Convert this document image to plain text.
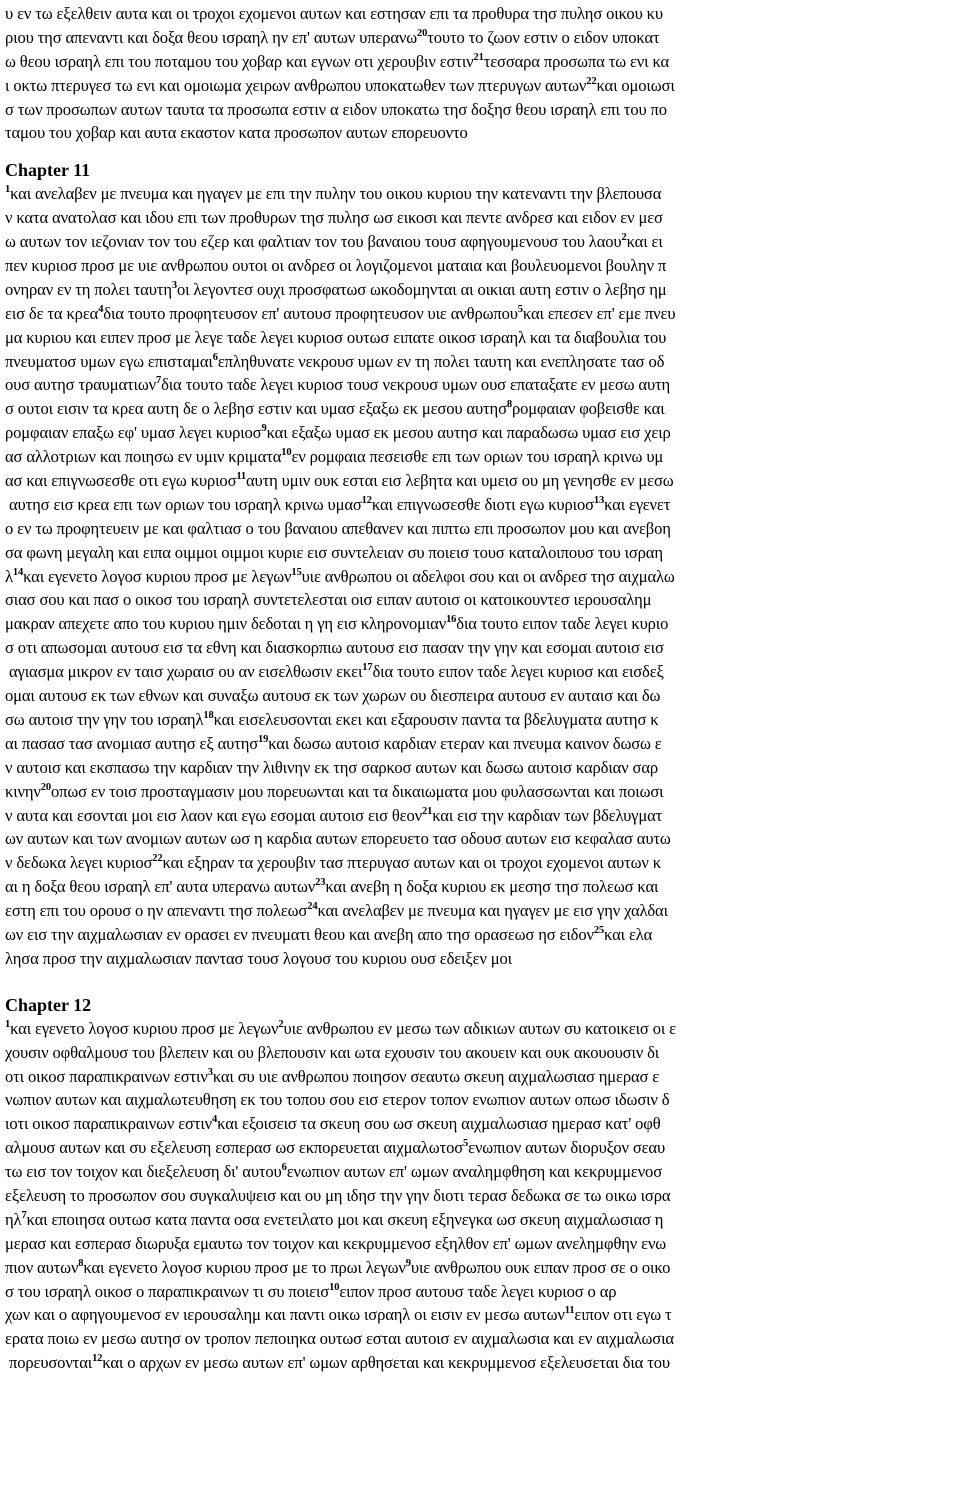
υ εν τω εξελθειν αυτα και οι τροχοι εχομενοι αυτων και εστησαν επι τα προθυρα τησ πυλησ οικου κυ
ριου τησ απεναντι και δοξα θεου ισραηλ ην επ' αυτων υπερανω$^{20}$τουτο το ζωον εστιν ο ειδον υποκατ
ω θεου ισραηλ επι του ποταμου του χοβαρ και εγνων οτι χερουβιν εστιν$^{21}$τεσσαρα προσωπα τω ενι κα
ι οκτω πτερυγεσ τω ενι και ομοιωμα χειρων ανθρωπου υποκατωθεν των πτερυγων αυτων$^{22}$και ομοιωσι
σ των προσωπων αυτων ταυτα τα προσωπα εστιν α ειδον υποκατω τησ δοξησ θεου ισραηλ επι του πο
ταμου του χοβαρ και αυτα εκαστον κατα προσωπον αυτων επορευοντο
Chapter 11
$^1$και ανελαβεν με πνευμα και ηγαγεν με επι την πυλην του οικου κυριου την κατεναντι την βλεπουσα
ν κατα ανατολασ και ιδου επι των προθυρων τησ πυλησ ωσ εικοσι και πεντε ανδρεσ και ειδον εν μεσ
ω αυτων τον ιεζονιαν τον του εζερ και φαλτιαν τον του βαναιου τουσ αφηγουμενουσ του λαου$^2$και ει
πεν κυριοσ προσ με υιε ανθρωπου ουτοι οι ανδρεσ οι λογιζομενοι ματαια και βουλευομενοι βουλην π
ονηραν εν τη πολει ταυτη$^3$οι λεγοντεσ ουχι προσφατωσ ωκοδομηνται αι οικιαι αυτη εστιν ο λεβησ ημ
εισ δε τα κρεα$^4$δια τουτο προφητευσον επ' αυτουσ προφητευσον υιε ανθρωπου$^5$και επεσεν επ' εμε πνευ
μα κυριου και ειπεν προσ με λεγε ταδε λεγει κυριοσ ουτωσ ειπατε οικοσ ισραηλ και τα διαβουλια του
πνευματοσ υμων εγω επισταμαι$^6$επληθυνατε νεκρουσ υμων εν τη πολει ταυτη και ενεπλησατε τασ οδ
ουσ αυτησ τραυματιων$^7$δια τουτο ταδε λεγει κυριοσ τουσ νεκρουσ υμων ουσ επαταξατε εν μεσω αυτη
σ ουτοι εισιν τα κρεα αυτη δε ο λεβησ εστιν και υμασ εξαξω εκ μεσου αυτησ$^8$ρομφαιαν φοβεισθε και
ρομφαιαν επαξω εφ' υμασ λεγει κυριοσ$^9$και εξαξω υμασ εκ μεσου αυτησ και παραδωσω υμασ εισ χειρ
ασ αλλοτριων και ποιησω εν υμιν κριματα$^{10}$εν ρομφαια πεσεισθε επι των οριων του ισραηλ κρινω υμ
ασ και επιγνωσεσθε οτι εγω κυριοσ$^{11}$αυτη υμιν ουκ εσται εισ λεβητα και υμεισ ου μη γενησθε εν μεσω
αυτησ εισ κρεα επι των οριων του ισραηλ κρινω υμασ$^{12}$και επιγνωσεσθε διοτι εγω κυριοσ$^{13}$και εγενετ
ο εν τω προφητευειν με και φαλτιασ ο του βαναιου απεθανεν και πιπτω επι προσωπον μου και ανεβοη
σα φωνη μεγαλη και ειπα οιμμοι οιμμοι κυριε εισ συντελειαν συ ποιεισ τουσ καταλοιπουσ του ισραη
$\lambda^{14}\kappa\alpha\iota$ εγενετο λογοσ κυριου προσ με λεγων$^{15}$υιε ανθρωπου οι αδελφοι σου και οι ανδρεσ τησ αιχμαλω
σιασ σου και πασ ο οικοσ του ισραηλ συντετελεσται οισ ειπαν αυτοισ οι κατοικουντεσ ιερουσαλημ
μακραν απεχετε απο του κυριου ημιν δεδοται η γη εισ κληρονομιαν$^{16}$δια τουτο ειπον ταδε λεγει κυριο
σ οτι απωσομαι αυτουσ εισ τα εθνη και διασκορπιω αυτουσ εισ πασαν την γην και εσομαι αυτοισ εισ
αγιασμα μικρον εν ταισ χωραισ ου αν εισελθωσιν εκει$^{17}$δια τουτο ειπον ταδε λεγει κυριοσ και εισδεξ
ομαι αυτουσ εκ των εθνων και συναξω αυτουσ εκ των χωρων ου διεσπειρα αυτουσ εν αυταισ και δω
σω αυτοισ την γην του ισραηλ$^{18}$και εισελευσονται εκει και εξαρουσιν παντα τα βδελυγματα αυτησ κ
αι πασασ τασ ανομιασ αυτησ εξ αυτησ$^{19}$και δωσω αυτοισ καρδιαν ετεραν και πνευμα καινον δωσω ε
ν αυτοισ και εκσπασω την καρδιαν την λιθινην εκ τησ σαρκοσ αυτων και δωσω αυτοισ καρδιαν σαρ
κινην$^{20}$οπωσ εν τοισ προσταγμασιν μου πορευωνται και τα δικαιωματα μου φυλασσωνται και ποιωσι
ν αυτα και εσονται μοι εισ λαον και εγω εσομαι αυτοισ εισ θεον$^{21}$και εισ την καρδιαν των βδελυγματ
ων αυτων και των ανομιων αυτων ωσ η καρδια αυτων επορευετο τασ οδουσ αυτων εισ κεφαλασ αυτω
ν δεδωκα λεγει κυριοσ$^{22}$και εξηραν τα χερουβιν τασ πτερυγασ αυτων και οι τροχοι εχομενοι αυτων κ
αι η δοξα θεου ισραηλ επ' αυτα υπερανω αυτων$^{23}$και ανεβη η δοξα κυριου εκ μεσησ τησ πολεωσ και
εστη επι του ορουσ ο ην απεναντι τησ πολεωσ$^{24}$και ανελαβεν με πνευμα και ηγαγεν με εισ γην χαλδαι
ων εισ την αιχμαλωσιαν εν ορασει εν πνευματι θεου και ανεβη απο τησ ορασεωσ ησ ειδον$^{25}$και ελα
λησα προσ την αιχμαλωσιαν παντασ τουσ λογουσ του κυριου ουσ εδειξεν μοι
Chapter 12
$^1$και εγενετο λογοσ κυριου προσ με λεγων$^2$υιε ανθρωπου εν μεσω των αδικιων αυτων συ κατοικεισ οι ε
χουσιν οφθαλμουσ του βλεπειν και ου βλεπουσιν και ωτα εχουσιν του ακουειν και ουκ ακουουσιν δι
οτι οικοσ παραπικραινων εστιν$^3$και συ υιε ανθρωπου ποιησον σεαυτω σκευη αιχμαλωσιασ ημερασ ε
νωπιον αυτων και αιχμαλωτευθηση εκ του τοπου σου εισ ετερον τοπον ενωπιον αυτων οπωσ ιδωσιν δ
ιοτι οικοσ παραπικραινων εστιν$^4$και εξοισεισ τα σκευη σου ωσ σκευη αιχμαλωσιασ ημερασ κατ' οφθ
αλμουσ αυτων και συ εξελευση εσπερασ ωσ εκπορευεται αιχμαλωτοσ$^5$ενωπιον αυτων διορυξον σεαυ
τω εισ τον τοιχον και διεξελευση δι' αυτου$^6$ενωπιον αυτων επ' ωμων αναλημφθηση και κεκρυμμενοσ
εξελευση το προσωπον σου συγκαλυψεισ και ου μη ιδησ την γην διοτι τερασ δεδωκα σε τω οικω ισρα
$\eta\lambda^7\kappa\alpha\iota$ εποιησα ουτωσ κατα παντα οσα ενετειλατο μοι και σκευη εξηνεγκα ωσ σκευη αιχμαλωσιασ η
μερασ και εσπερασ διωρυξα εμαυτω τον τοιχον και κεκρυμμενοσ εξηλθον επ' ωμων ανελημφθην ενω
πιον αυτων$^8$και εγενετο λογοσ κυριου προσ με το πρωι λεγων$^9$υιε ανθρωπου ουκ ειπαν προσ σε ο οικο
σ του ισραηλ οικοσ ο παραπικραινων τι συ ποιεισ$^{10}$ειπον προσ αυτουσ ταδε λεγει κυριοσ ο αρ
χων και ο αφηγουμενοσ εν ιερουσαλημ και παντι οικω ισραηλ οι εισιν εν μεσω αυτων$^{11}$ειπον οτι εγω τ
ερατα ποιω εν μεσω αυτησ ον τροπον πεποιηκα ουτωσ εσται αυτοισ εν αιχμαλωσια και εν αιχμαλωσια
πορευσονται$^{12}$και ο αρχων εν μεσω αυτων επ' ωμων αρθησεται και κεκρυμμενοσ εξελευσεται δια του
